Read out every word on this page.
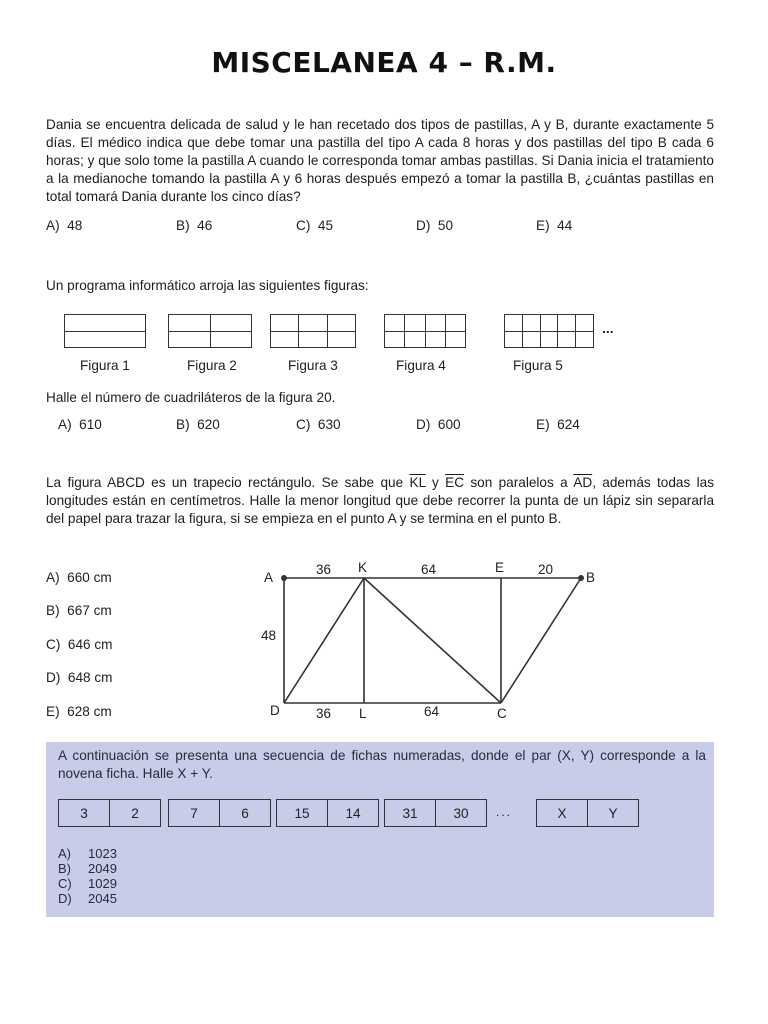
MISCELANEA 4 – R.M.
Dania se encuentra delicada de salud y le han recetado dos tipos de pastillas, A y B, durante exactamente 5 días. El médico indica que debe tomar una pastilla del tipo A cada 8 horas y dos pastillas del tipo B cada 6 horas; y que solo tome la pastilla A cuando le corresponda tomar ambas pastillas. Si Dania inicia el tratamiento a la medianoche tomando la pastilla A y 6 horas después empezó a tomar la pastilla B, ¿cuántas pastillas en total tomará Dania durante los cinco días?
A) 48	B) 46	C) 45	D) 50	E) 44
Un programa informático arroja las siguientes figuras:
...
Figura 1	Figura 2	Figura 3	Figura 4	Figura 5
Halle el número de cuadriláteros de la figura 20.
A) 610	B) 620	C) 630	D) 600	E) 624
La figura ABCD es un trapecio rectángulo. Se sabe que $\overline{KL}$ y $\overline{EC}$ son paralelos a $\overline{AD}$, además todas las longitudes están en centímetros. Halle la menor longitud que debe recorrer la punta de un lápiz sin separarla del papel para trazar la figura, si se empieza en el punto A y se termina en el punto B.
A) 660 cm
B) 667 cm
C) 646 cm
D) 648 cm
E) 628 cm
A
K	E
B
D	L	C
36	64	20
48
36	64
A continuación se presenta una secuencia de fichas numeradas, donde el par (X, Y) corresponde a la novena ficha. Halle X + Y.
3	2	7	6	15	14	31	30	...	X	Y
A)	1023
B)	2049
C)	1029
D)	2045
